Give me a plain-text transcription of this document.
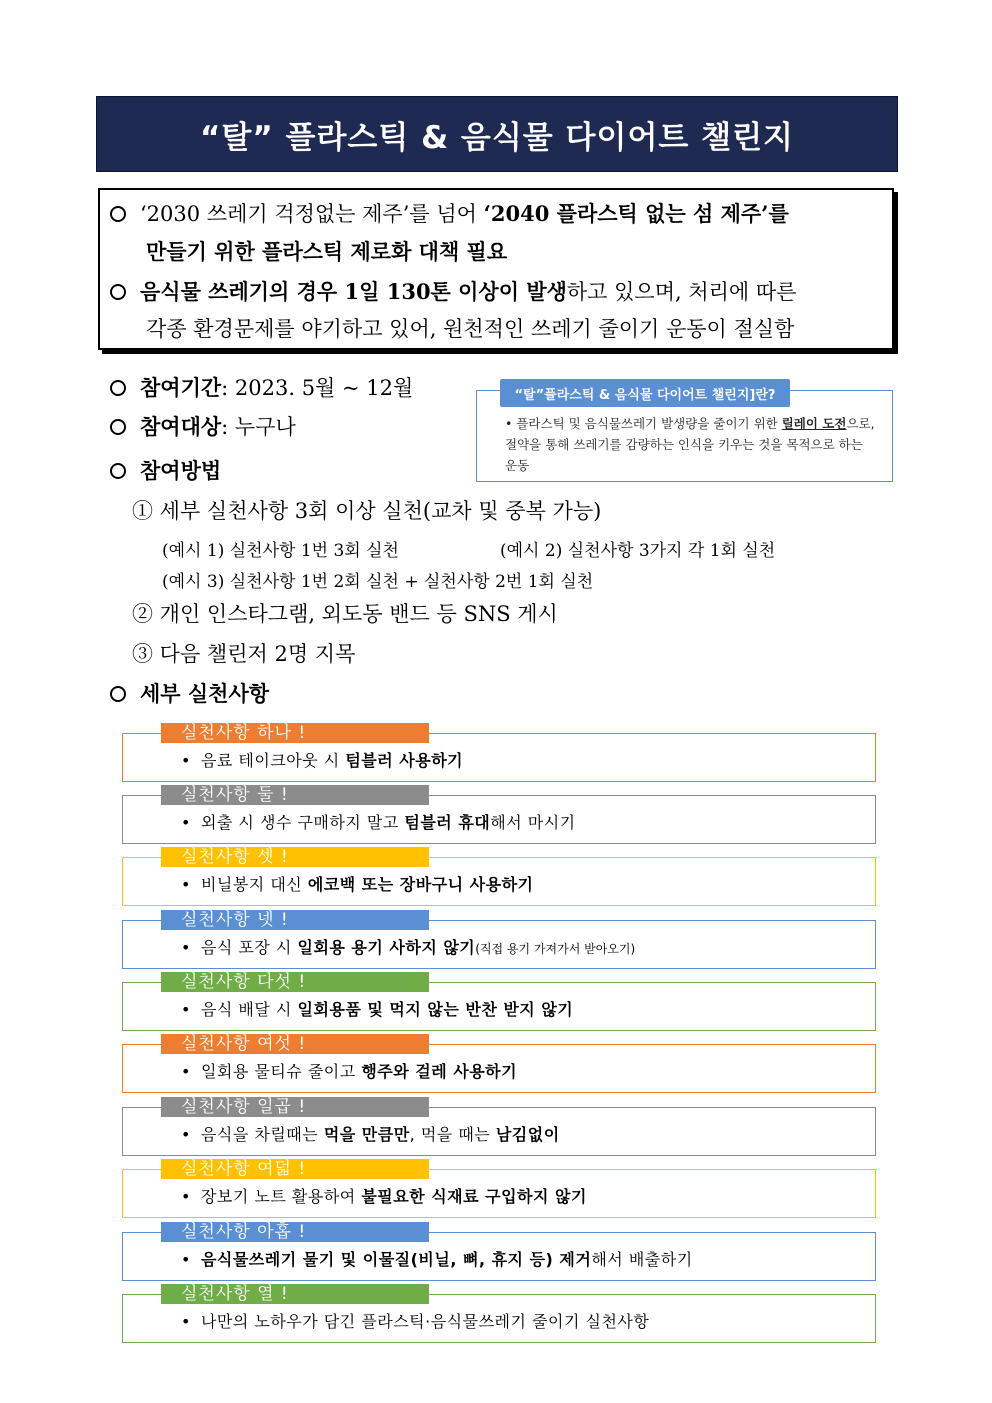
“탈” 플라스틱 & 음식물 다이어트 챌린지
‘2030 쓰레기 걱정없는 제주’를 넘어 ‘2040 플라스틱 없는 섬 제주’를
만들기 위한 플라스틱 제로화 대책 필요
음식물 쓰레기의 경우 1일 130톤 이상이 발생하고 있으며, 처리에 따른
각종 환경문제를 야기하고 있어, 원천적인 쓰레기 줄이기 운동이 절실함
참여기간: 2023. 5월 ~ 12월
참여대상: 누구나
참여방법
① 세부 실천사항 3회 이상 실천(교차 및 중복 가능)
(예시 1) 실천사항 1번 3회 실천	(예시 2) 실천사항 3가지 각 1회 실천
(예시 3) 실천사항 1번 2회 실천 + 실천사항 2번 1회 실천
② 개인 인스타그램, 외도동 밴드 등 SNS 게시
③ 다음 챌린저 2명 지목
“탈”플라스틱 & 음식물 다이어트 챌린지]란?
• 플라스틱 및 음식물쓰레기 발생량을 줄이기 위한 릴레이 도전으로, 절약을 통해 쓰레기를 감량하는 인식을 키우는 것을 목적으로 하는 운동
세부 실천사항
실천사항 하나 !
• 음료 테이크아웃 시 텀블러 사용하기
실천사항 둘 !
• 외출 시 생수 구매하지 말고 텀블러 휴대해서 마시기
실천사항 셋 !
• 비닐봉지 대신 에코백 또는 장바구니 사용하기
실천사항 넷 !
• 음식 포장 시 일회용 용기 사하지 않기(직접 용기 가져가서 받아오기)
실천사항 다섯 !
• 음식 배달 시 일회용품 및 먹지 않는 반찬 받지 않기
실천사항 여섯 !
• 일회용 물티슈 줄이고 행주와 걸레 사용하기
실천사항 일곱 !
• 음식을 차릴때는 먹을 만큼만, 먹을 때는 남김없이
실천사항 여덟 !
• 장보기 노트 활용하여 불필요한 식재료 구입하지 않기
실천사항 아홉 !
• 음식물쓰레기 물기 및 이물질(비닐, 뼈, 휴지 등) 제거해서 배출하기
실천사항 열 !
• 나만의 노하우가 담긴 플라스틱·음식물쓰레기 줄이기 실천사항
